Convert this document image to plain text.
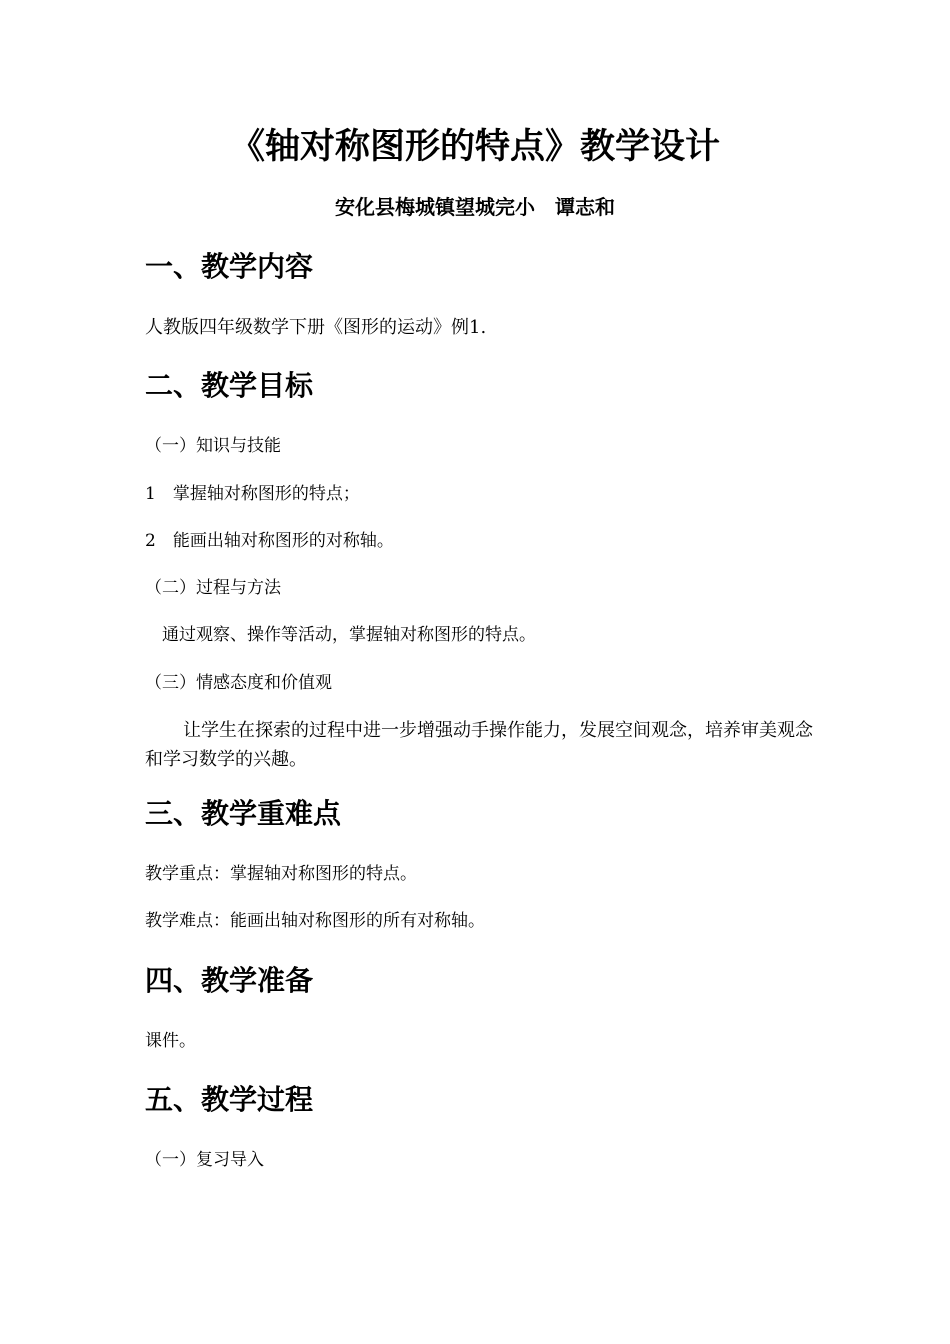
《轴对称图形的特点》教学设计
安化县梅城镇望城完小　谭志和
一、教学内容
人教版四年级数学下册《图形的运动》例1.
二、教学目标
（一）知识与技能
1　掌握轴对称图形的特点；
2　能画出轴对称图形的对称轴。
（二）过程与方法
　通过观察、操作等活动，掌握轴对称图形的特点。
（三）情感态度和价值观
让学生在探索的过程中进一步增强动手操作能力，发展空间观念，培养审美观念和学习数学的兴趣。
三、教学重难点
教学重点：掌握轴对称图形的特点。
教学难点：能画出轴对称图形的所有对称轴。
四、教学准备
课件。
五、教学过程
（一）复习导入
